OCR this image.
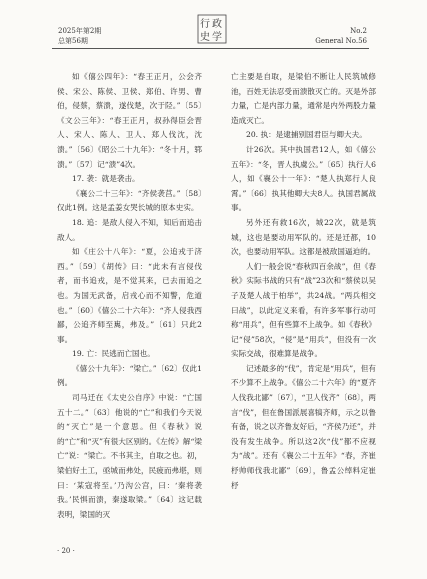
2025年第2期
总第56期
行 政
史 学
No.2
General No.56

如《僖公四年》：“春王正月，公会齐侯、宋公、陈侯、卫侯、郑伯、许男、曹伯，侵蔡，蔡溃，遂伐楚，次于陉。”〔55〕《文公三年》：“春王正月，叔孙得臣会晋人、宋人、陈人、卫人、郑人伐沈，沈溃。”〔56〕《昭公二十九年》：“冬十月，郓溃。”〔57〕记“溃”4次。

17. 袭：就是袭击。

《襄公二十三年》：“齐侯袭莒。”〔58〕仅此1例。这是孟姜女哭长城的原本史实。

18. 追：是敌人侵入不知，知后而追击敌人。

如《庄公十八年》：“夏，公追戎于济西。”〔59〕《胡传》曰：“此未有言侵伐者，而书追戎，是不觉其来，已去而追之也。为国无武备，启戎心而不知警，危道也。”〔60〕《僖公二十六年》：“齐人侵我西鄙，公追齐师至嶲，弗及。”〔61〕只此2事。

19. 亡：民逃而亡国也。

《僖公十九年》：“梁亡。”〔62〕仅此1例。

司马迁在《太史公自序》中说：“亡国五十二。”〔63〕他说的“亡”和我们今天说的“灭亡”是一个意思。但《春秋》说的“亡”和“灭”有很大区别的。《左传》解“梁亡”说：“梁亡。不书其主，自取之也。初，梁伯好土工，亟城而弗处，民疲而弗堪，则曰：‘某寇将至。’乃沟公宫，曰：‘秦将袭我。’民惧而溃，秦遂取梁。”〔64〕这记载表明，梁国的灭

亡主要是自取，是梁伯不断让人民筑城修池，百姓无法忍受而溃散灭亡的。灭是外部力量，亡是内部力量，通常是内外两股力量造成灭亡。

20. 执：是逮捕别国君臣与卿大夫。

计26次。其中执国君12人，如《僖公五年》：“冬，晋人执虞公。”〔65〕执行人6人，如《襄公十一年》：“楚人执郑行人良霄。”〔66〕执其他卿大夫8人。执国君属战事。

另外还有救16次，城22次，就是筑城，这也是要动用军队的。还是迁都，10次，也要动用军队。这都是被敌国逼迫的。

人们一般会说“春秋四百余战”，但《春秋》实际书战的只有“战”23次和“蔡侯以吴子及楚人战于柏举”，共24战。“两兵相交曰战”，以此定义来看，有许多军事行动可称“用兵”，但有些算不上战争。如《春秋》记“侵”58次，“侵”是“用兵”，但没有一次实际交战，很难算是战争。

记述最多的“伐”，肯定是“用兵”，但有不少算不上战争。《僖公二十六年》的“夏齐人伐我北鄙”〔67〕，“卫人伐齐”〔68〕，两言“伐”，但在鲁国派展喜犒齐师，示之以鲁有备，说之以齐鲁友好后，“齐侯乃还”，并没有发生战争。所以这2次“伐”都不应视为“战”。还有《襄公二十五年》“春，齐崔杼帅师伐我北鄙”〔69〕，鲁孟公绰料定崔杼

· 20 ·
